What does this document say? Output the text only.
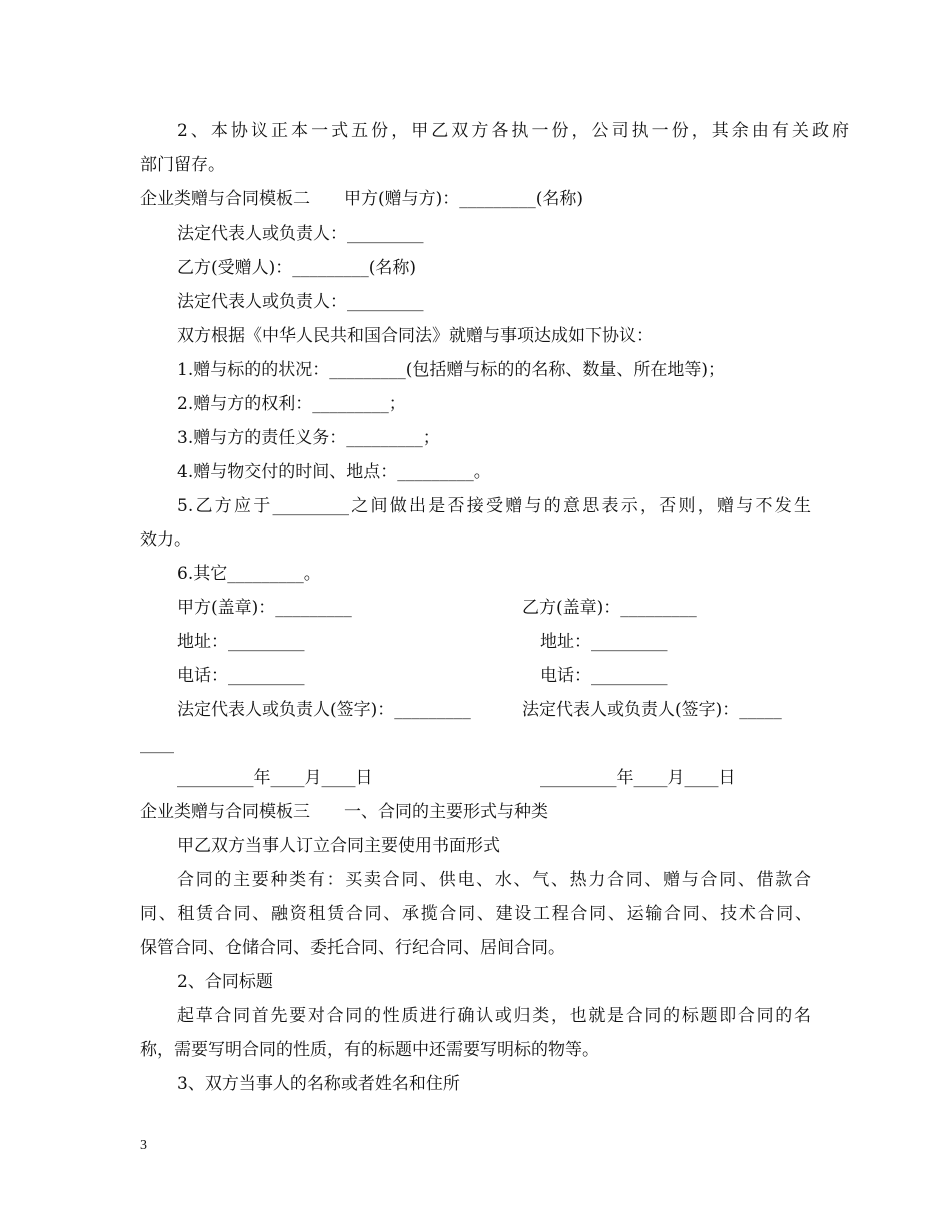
2、本协议正本一式五份，甲乙双方各执一份，公司执一份，其余由有关政府
部门留存。
企业类赠与合同模板二　　甲方(赠与方)：_________(名称)
法定代表人或负责人：_________
乙方(受赠人)：_________(名称)
法定代表人或负责人：_________
双方根据《中华人民共和国合同法》就赠与事项达成如下协议：
1.赠与标的的状况：_________(包括赠与标的的名称、数量、所在地等)；
2.赠与方的权利：_________；
3.赠与方的责任义务：_________；
4.赠与物交付的时间、地点：_________。
5.乙方应于_________之间做出是否接受赠与的意思表示，否则，赠与不发生
效力。
6.其它_________。
甲方(盖章)：_________	乙方(盖章)：_________
地址：_________	地址：_________
电话：_________	电话：_________
法定代表人或负责人(签字)：_________	法定代表人或负责人(签字)：_____
____
_________年____月____日	_________年____月____日
企业类赠与合同模板三　　一、合同的主要形式与种类
甲乙双方当事人订立合同主要使用书面形式
合同的主要种类有：买卖合同、供电、水、气、热力合同、赠与合同、借款合
同、租赁合同、融资租赁合同、承揽合同、建设工程合同、运输合同、技术合同、
保管合同、仓储合同、委托合同、行纪合同、居间合同。
2、合同标题
起草合同首先要对合同的性质进行确认或归类，也就是合同的标题即合同的名
称，需要写明合同的性质，有的标题中还需要写明标的物等。
3、双方当事人的名称或者姓名和住所
3
